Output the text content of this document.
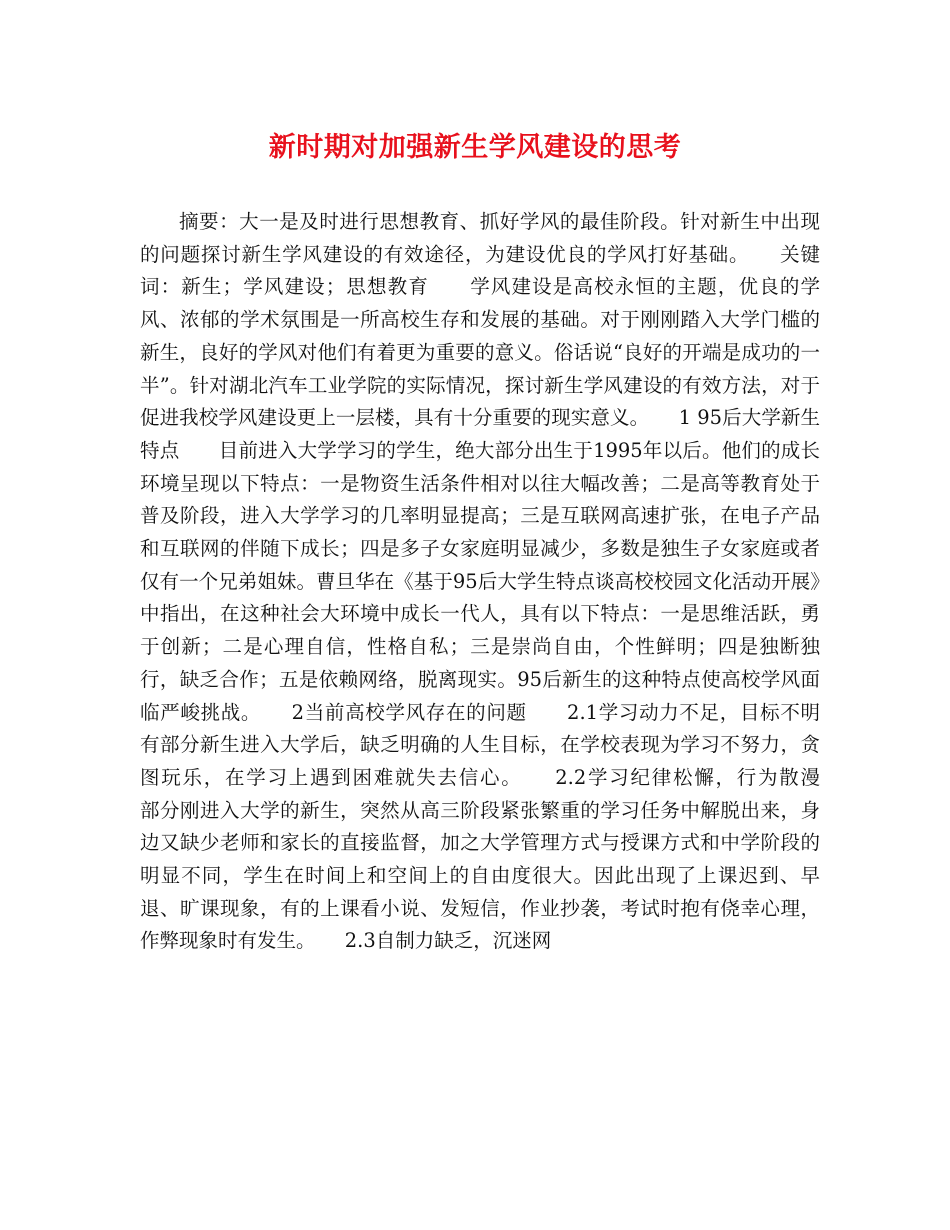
新时期对加强新生学风建设的思考

摘要：大一是及时进行思想教育、抓好学风的最佳阶段。针对新生中出现的问题探讨新生学风建设的有效途径，为建设优良的学风打好基础。　　关键词：新生；学风建设；思想教育　　学风建设是高校永恒的主题，优良的学风、浓郁的学术氛围是一所高校生存和发展的基础。对于刚刚踏入大学门槛的新生，良好的学风对他们有着更为重要的意义。俗话说“良好的开端是成功的一半”。针对湖北汽车工业学院的实际情况，探讨新生学风建设的有效方法，对于促进我校学风建设更上一层楼，具有十分重要的现实意义。　　1 95后大学新生特点　　目前进入大学学习的学生，绝大部分出生于1995年以后。他们的成长环境呈现以下特点：一是物资生活条件相对以往大幅改善；二是高等教育处于普及阶段，进入大学学习的几率明显提高；三是互联网高速扩张，在电子产品和互联网的伴随下成长；四是多子女家庭明显减少，多数是独生子女家庭或者仅有一个兄弟姐妹。曹旦华在《基于95后大学生特点谈高校校园文化活动开展》中指出，在这种社会大环境中成长一代人，具有以下特点：一是思维活跃，勇于创新；二是心理自信，性格自私；三是崇尚自由，个性鲜明；四是独断独行，缺乏合作；五是依赖网络，脱离现实。95后新生的这种特点使高校学风面临严峻挑战。　　2当前高校学风存在的问题　　2.1学习动力不足，目标不明　　有部分新生进入大学后，缺乏明确的人生目标，在学校表现为学习不努力，贪图玩乐，在学习上遇到困难就失去信心。　　2.2学习纪律松懈，行为散漫　　部分刚进入大学的新生，突然从高三阶段紧张繁重的学习任务中解脱出来，身边又缺少老师和家长的直接监督，加之大学管理方式与授课方式和中学阶段的明显不同，学生在时间上和空间上的自由度很大。因此出现了上课迟到、早退、旷课现象，有的上课看小说、发短信，作业抄袭，考试时抱有侥幸心理，作弊现象时有发生。　　2.3自制力缺乏，沉迷网
